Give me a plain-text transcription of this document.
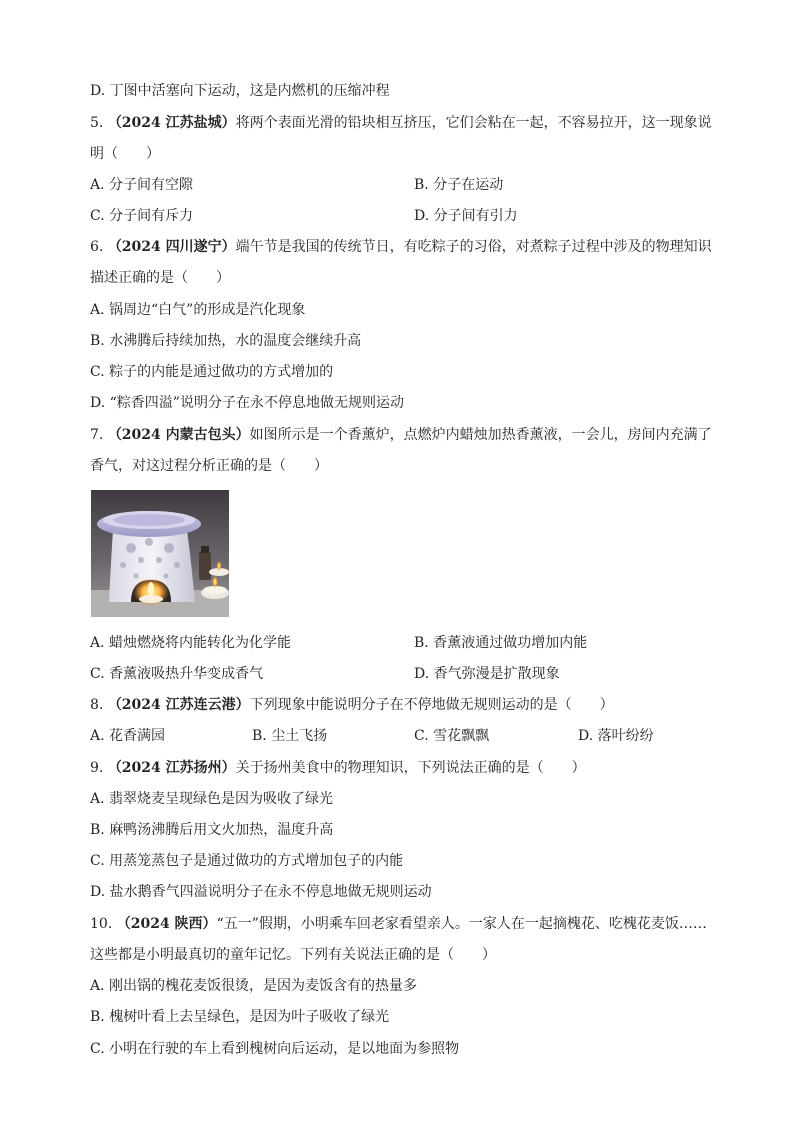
D. 丁图中活塞向下运动，这是内燃机的压缩冲程
5. （2024 江苏盐城）将两个表面光滑的铅块相互挤压，它们会粘在一起，不容易拉开，这一现象说
明（　　）
A. 分子间有空隙	B. 分子在运动
C. 分子间有斥力	D. 分子间有引力
6. （2024 四川遂宁）端午节是我国的传统节日，有吃粽子的习俗，对煮粽子过程中涉及的物理知识
描述正确的是（　　）
A. 锅周边“白气”的形成是汽化现象
B. 水沸腾后持续加热，水的温度会继续升高
C. 粽子的内能是通过做功的方式增加的
D. “粽香四溢”说明分子在永不停息地做无规则运动
7. （2024 内蒙古包头）如图所示是一个香薰炉，点燃炉内蜡烛加热香薰液，一会儿，房间内充满了
香气，对这过程分析正确的是（　　）
A. 蜡烛燃烧将内能转化为化学能	B. 香薰液通过做功增加内能
C. 香薰液吸热升华变成香气	D. 香气弥漫是扩散现象
8. （2024 江苏连云港）下列现象中能说明分子在不停地做无规则运动的是（　　）
A. 花香满园	B. 尘土飞扬	C. 雪花飘飘	D. 落叶纷纷
9. （2024 江苏扬州）关于扬州美食中的物理知识，下列说法正确的是（　　）
A. 翡翠烧麦呈现绿色是因为吸收了绿光
B. 麻鸭汤沸腾后用文火加热，温度升高
C. 用蒸笼蒸包子是通过做功的方式增加包子的内能
D. 盐水鹅香气四溢说明分子在永不停息地做无规则运动
10. （2024 陕西）“五一”假期，小明乘车回老家看望亲人。一家人在一起摘槐花、吃槐花麦饭……
这些都是小明最真切的童年记忆。下列有关说法正确的是（　　）
A. 刚出锅的槐花麦饭很烫，是因为麦饭含有的热量多
B. 槐树叶看上去呈绿色，是因为叶子吸收了绿光
C. 小明在行驶的车上看到槐树向后运动，是以地面为参照物
